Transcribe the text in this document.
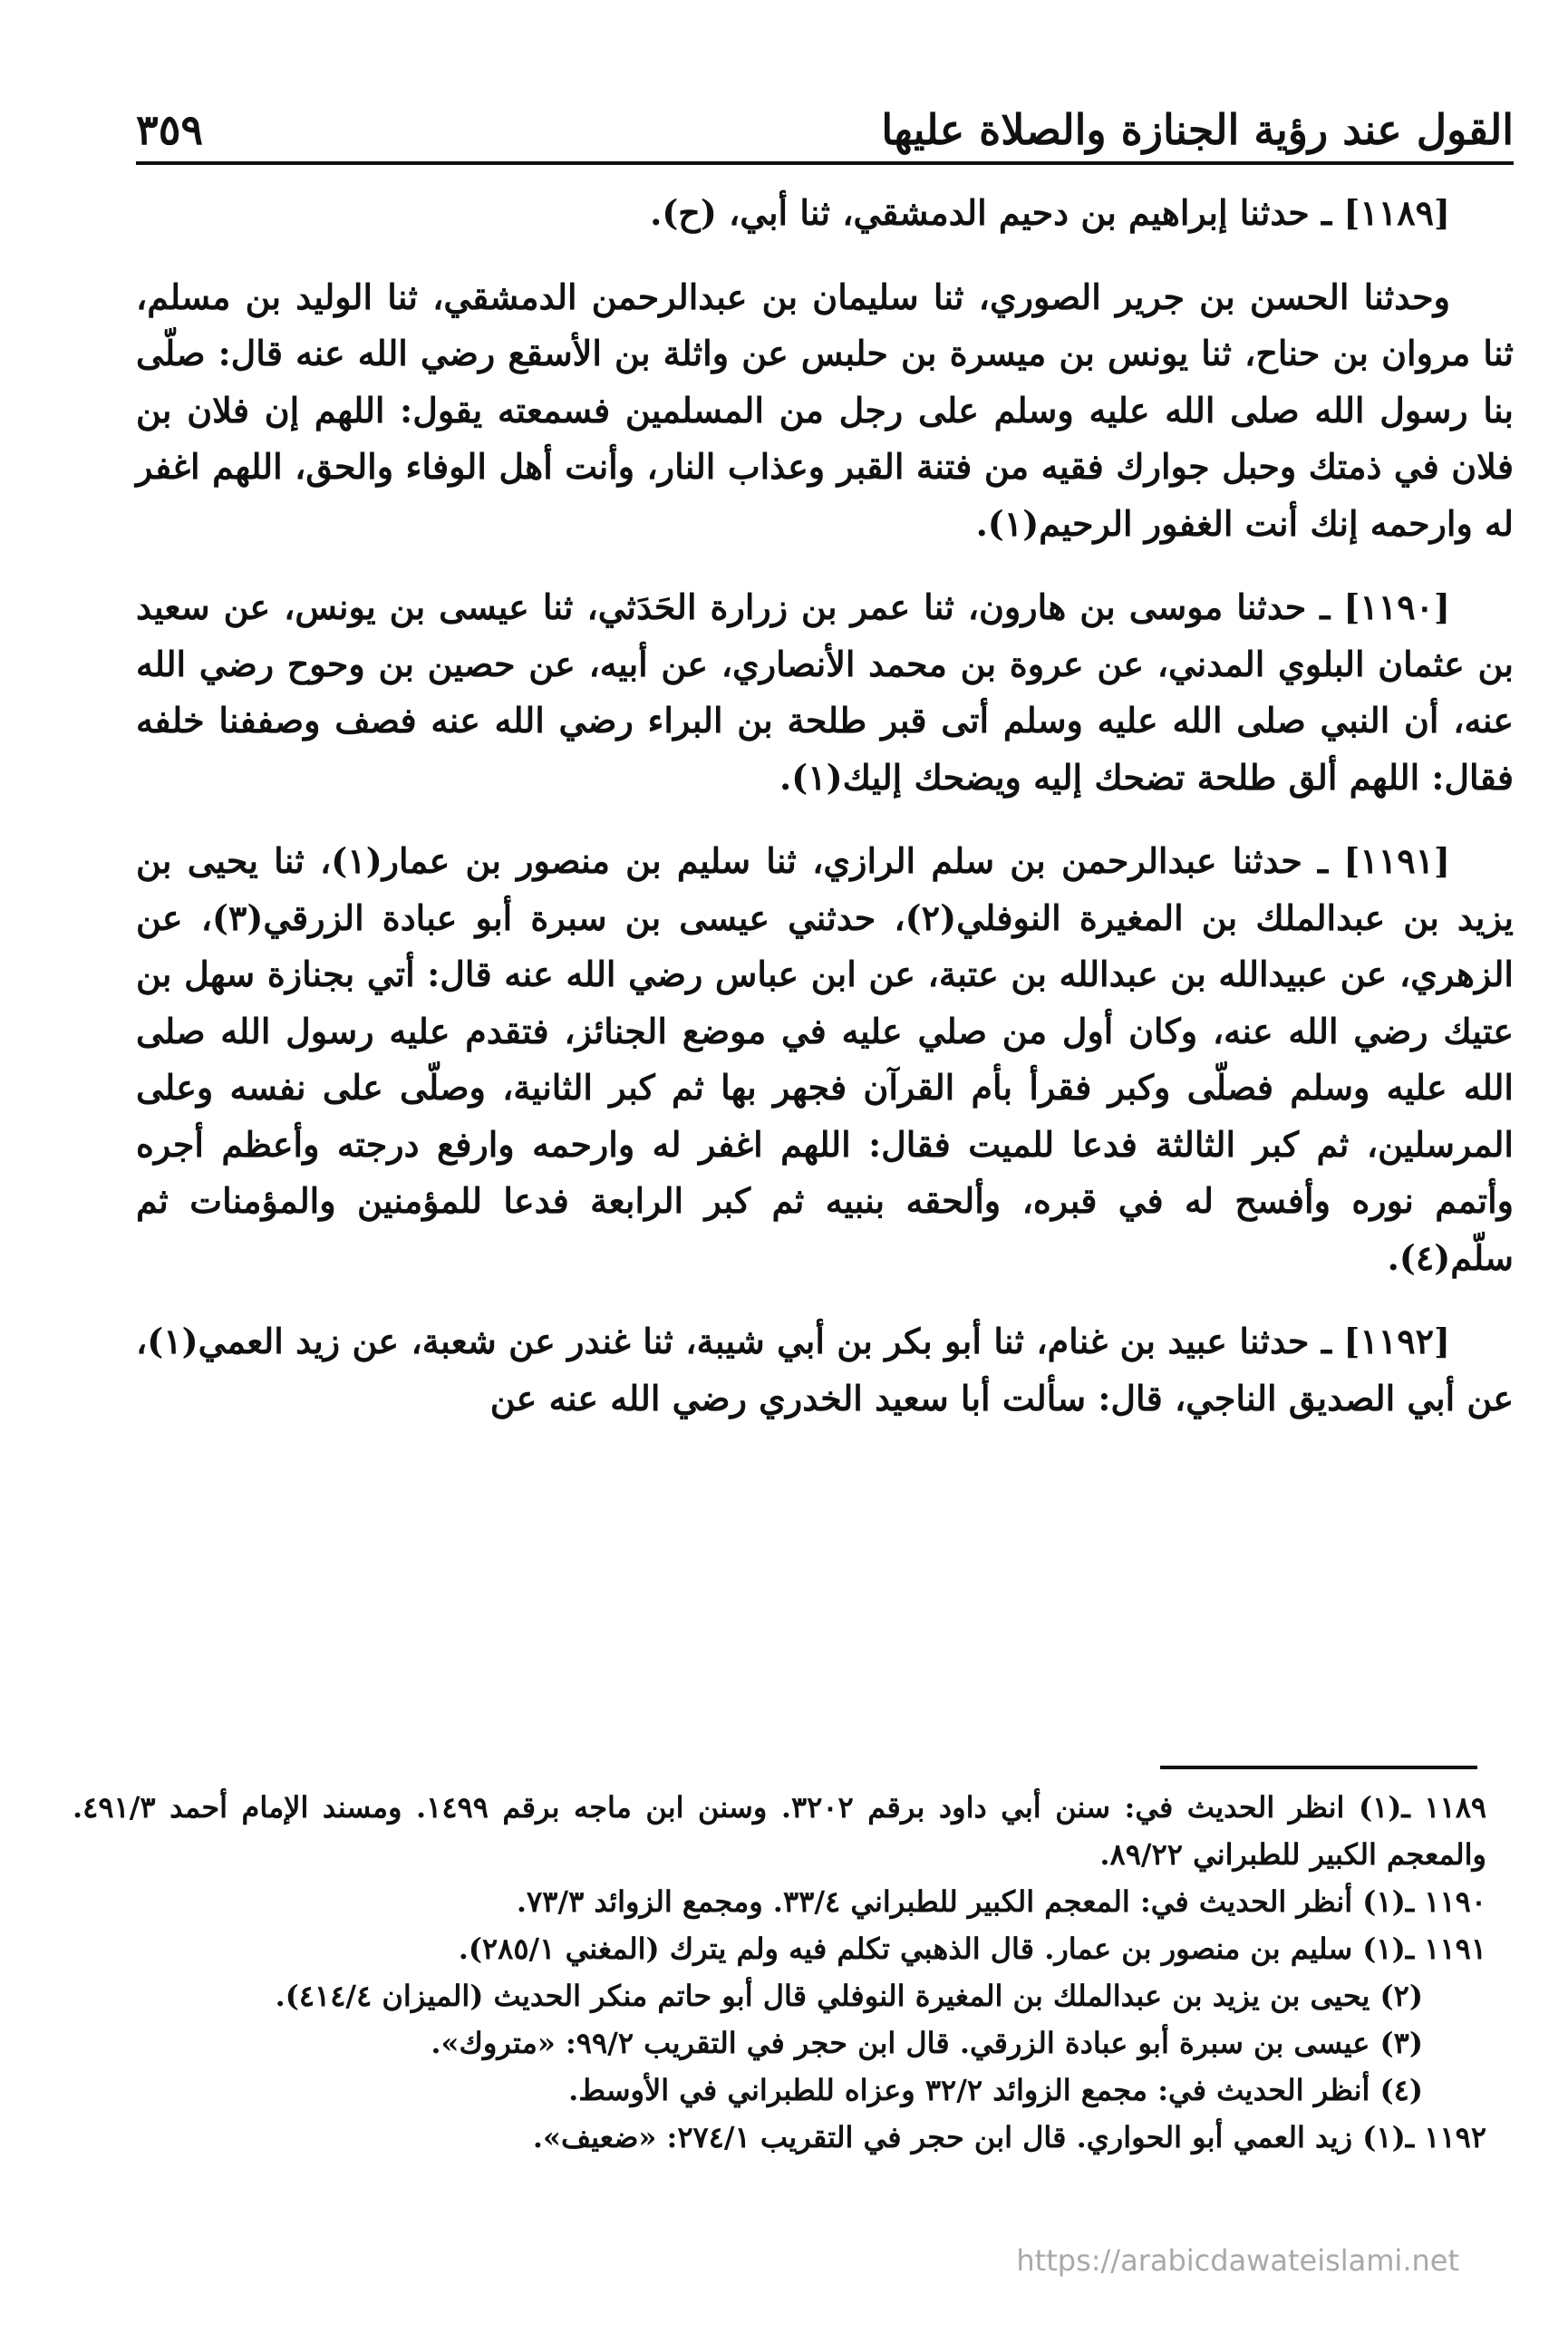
القول عند رؤية الجنازة والصلاة عليها
٣٥٩

[١١٨٩] ـ حدثنا إبراهيم بن دحيم الدمشقي، ثنا أبي، (ح).

وحدثنا الحسن بن جرير الصوري، ثنا سليمان بن عبدالرحمن الدمشقي، ثنا الوليد بن مسلم، ثنا مروان بن حناح، ثنا يونس بن ميسرة بن حلبس عن واثلة بن الأسقع رضي الله عنه قال: صلّى بنا رسول الله صلى الله عليه وسلم على رجل من المسلمين فسمعته يقول: اللهم إن فلان بن فلان في ذمتك وحبل جوارك فقيه من فتنة القبر وعذاب النار، وأنت أهل الوفاء والحق، اللهم اغفر له وارحمه إنك أنت الغفور الرحيم(١).

[١١٩٠] ـ حدثنا موسى بن هارون، ثنا عمر بن زرارة الحَدَثي، ثنا عيسى بن يونس، عن سعيد بن عثمان البلوي المدني، عن عروة بن محمد الأنصاري، عن أبيه، عن حصين بن وحوح رضي الله عنه، أن النبي صلى الله عليه وسلم أتى قبر طلحة بن البراء رضي الله عنه فصف وصففنا خلفه فقال: اللهم ألق طلحة تضحك إليه ويضحك إليك(١).

[١١٩١] ـ حدثنا عبدالرحمن بن سلم الرازي، ثنا سليم بن منصور بن عمار(١)، ثنا يحيى بن يزيد بن عبدالملك بن المغيرة النوفلي(٢)، حدثني عيسى بن سبرة أبو عبادة الزرقي(٣)، عن الزهري، عن عبيدالله بن عبدالله بن عتبة، عن ابن عباس رضي الله عنه قال: أتي بجنازة سهل بن عتيك رضي الله عنه، وكان أول من صلي عليه في موضع الجنائز، فتقدم عليه رسول الله صلى الله عليه وسلم فصلّى وكبر فقرأ بأم القرآن فجهر بها ثم كبر الثانية، وصلّى على نفسه وعلى المرسلين، ثم كبر الثالثة فدعا للميت فقال: اللهم اغفر له وارحمه وارفع درجته وأعظم أجره وأتمم نوره وأفسح له في قبره، وألحقه بنبيه ثم كبر الرابعة فدعا للمؤمنين والمؤمنات ثم سلّم(٤).

[١١٩٢] ـ حدثنا عبيد بن غنام، ثنا أبو بكر بن أبي شيبة، ثنا غندر عن شعبة، عن زيد العمي(١)، عن أبي الصديق الناجي، قال: سألت أبا سعيد الخدري رضي الله عنه عن

١١٨٩ ـ(١) انظر الحديث في: سنن أبي داود برقم ٣٢٠٢. وسنن ابن ماجه برقم ١٤٩٩. ومسند الإمام أحمد ٤٩١/٣. والمعجم الكبير للطبراني ٨٩/٢٢.

١١٩٠ ـ(١) أنظر الحديث في: المعجم الكبير للطبراني ٣٣/٤. ومجمع الزوائد ٧٣/٣.

١١٩١ ـ(١) سليم بن منصور بن عمار. قال الذهبي تكلم فيه ولم يترك (المغني ٢٨٥/١).

(٢) يحيى بن يزيد بن عبدالملك بن المغيرة النوفلي قال أبو حاتم منكر الحديث (الميزان ٤١٤/٤).

(٣) عيسى بن سبرة أبو عبادة الزرقي. قال ابن حجر في التقريب ٩٩/٢: «متروك».

(٤) أنظر الحديث في: مجمع الزوائد ٣٢/٢ وعزاه للطبراني في الأوسط.

١١٩٢ ـ(١) زيد العمي أبو الحواري. قال ابن حجر في التقريب ٢٧٤/١: «ضعيف».

https://arabicdawateislami.net
